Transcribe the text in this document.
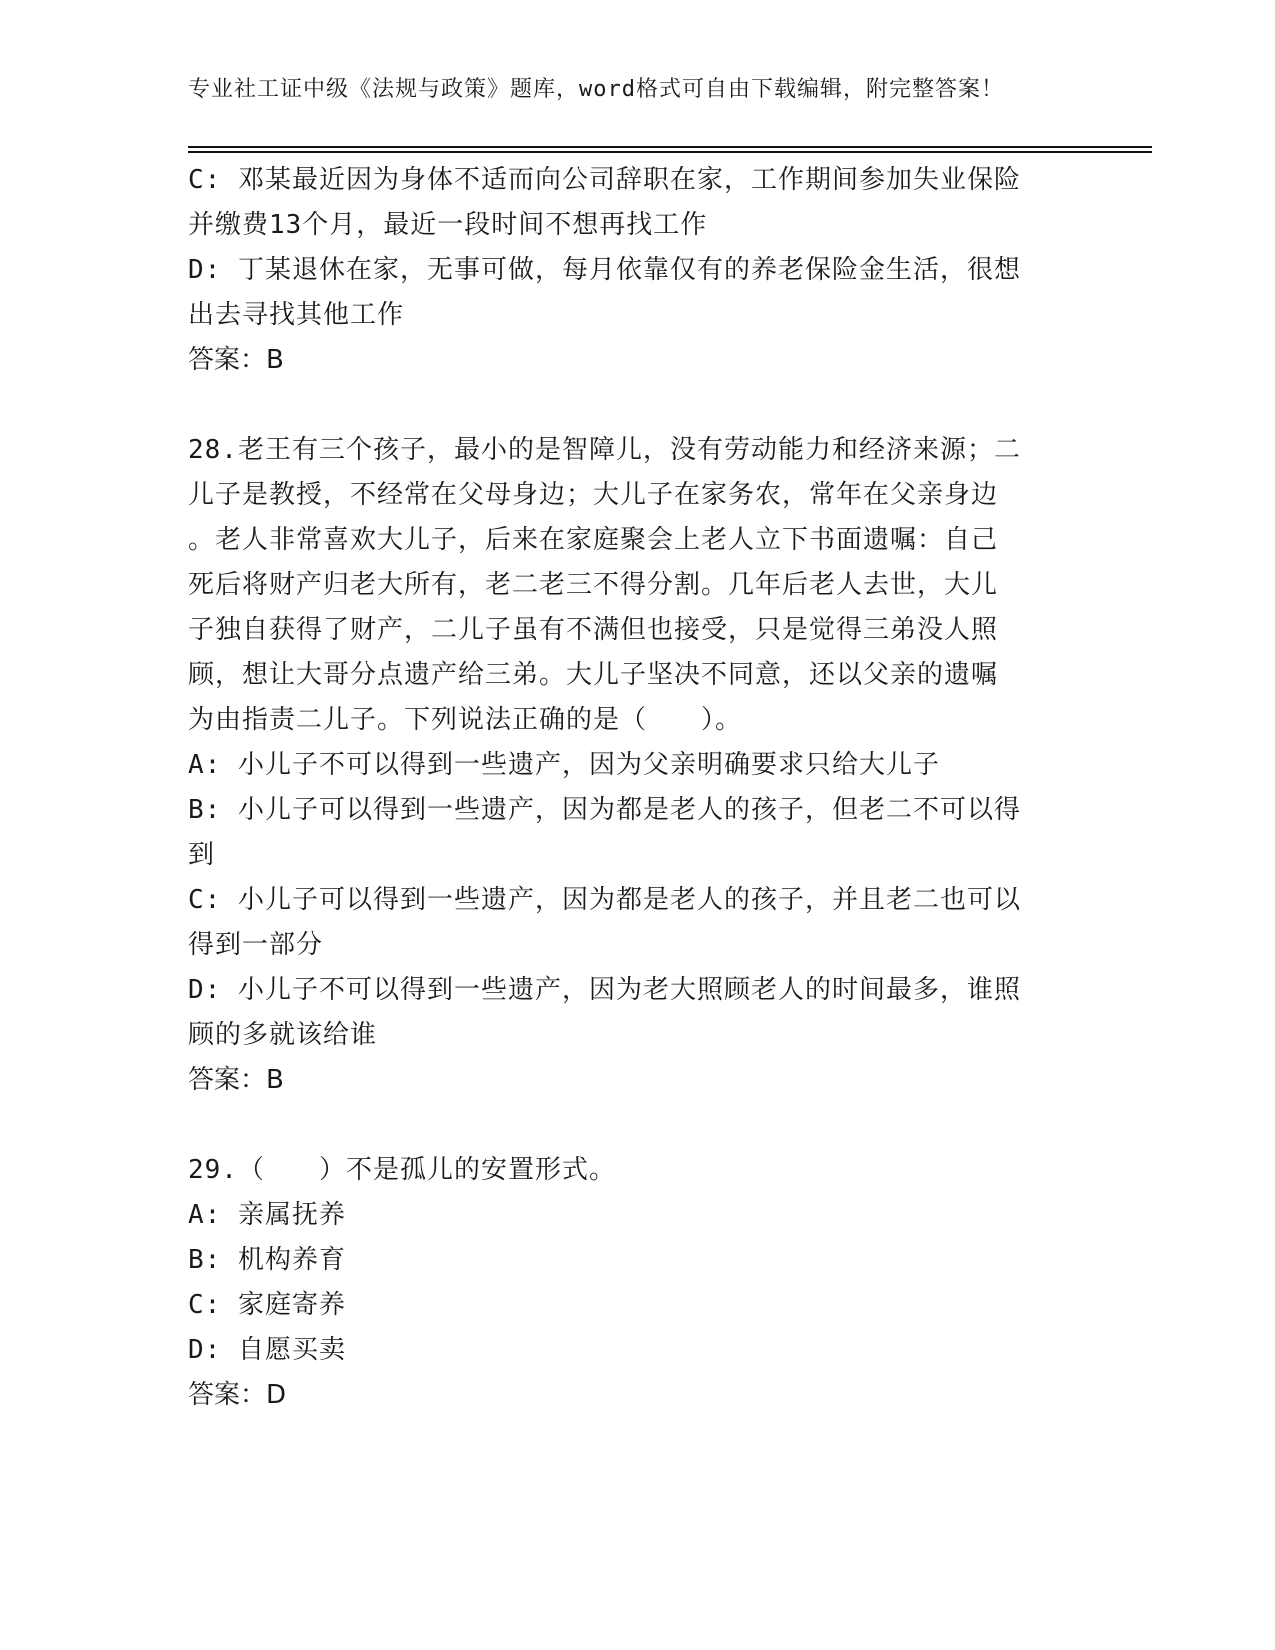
专业社工证中级《法规与政策》题库，word格式可自由下载编辑，附完整答案！
C: 邓某最近因为身体不适而向公司辞职在家，工作期间参加失业保险
并缴费13个月，最近一段时间不想再找工作
D: 丁某退休在家，无事可做，每月依靠仅有的养老保险金生活，很想
出去寻找其他工作
答案：B
28.老王有三个孩子，最小的是智障儿，没有劳动能力和经济来源；二
儿子是教授，不经常在父母身边；大儿子在家务农，常年在父亲身边
。老人非常喜欢大儿子，后来在家庭聚会上老人立下书面遗嘱：自己
死后将财产归老大所有，老二老三不得分割。几年后老人去世，大儿
子独自获得了财产，二儿子虽有不满但也接受，只是觉得三弟没人照
顾，想让大哥分点遗产给三弟。大儿子坚决不同意，还以父亲的遗嘱
为由指责二儿子。下列说法正确的是（　　）。
A: 小儿子不可以得到一些遗产，因为父亲明确要求只给大儿子
B: 小儿子可以得到一些遗产，因为都是老人的孩子，但老二不可以得
到
C: 小儿子可以得到一些遗产，因为都是老人的孩子，并且老二也可以
得到一部分
D: 小儿子不可以得到一些遗产，因为老大照顾老人的时间最多，谁照
顾的多就该给谁
答案：B
29.（　　）不是孤儿的安置形式。
A: 亲属抚养
B: 机构养育
C: 家庭寄养
D: 自愿买卖
答案：D
